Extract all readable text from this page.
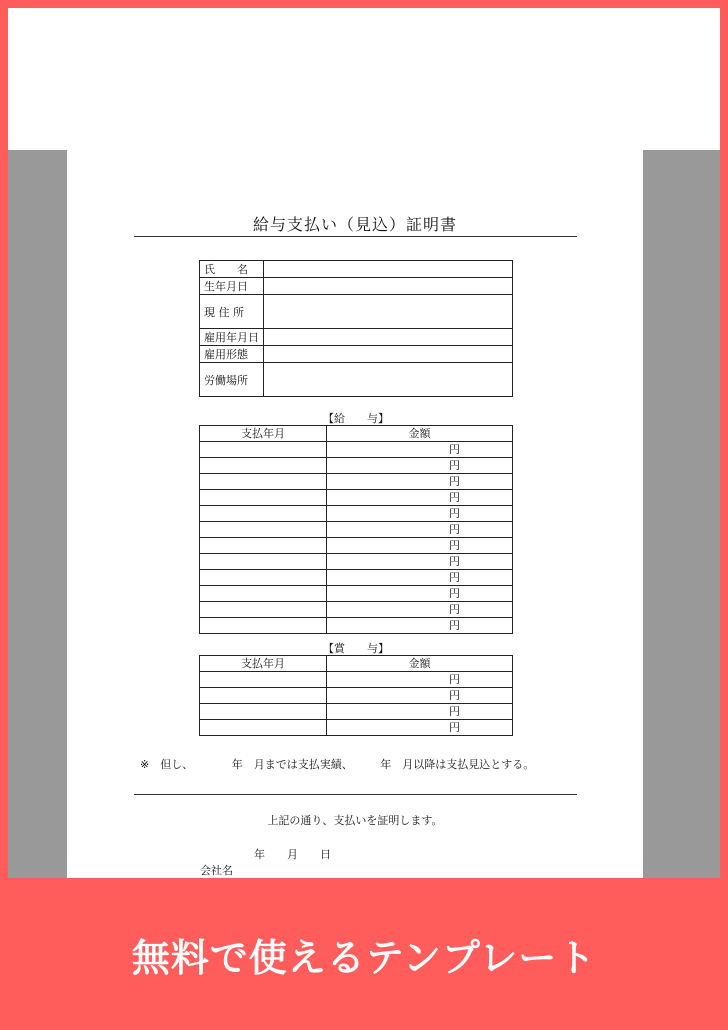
給与支払い（見込）証明書
氏　　名	
生年月日	
現 住 所	
雇用年月日	
雇用形態	
労働場所	
【給　　与】
支払年月	金額
	円
	円
	円
	円
	円
	円
	円
	円
	円
	円
	円
	円
【賞　　与】
支払年月	金額
	円
	円
	円
	円
※　但し、　　　　年　月までは支払実績、　　　年　月以降は支払見込とする。
上記の通り、支払いを証明します。
年　　月　　日
会社名
無料で使えるテンプレート
